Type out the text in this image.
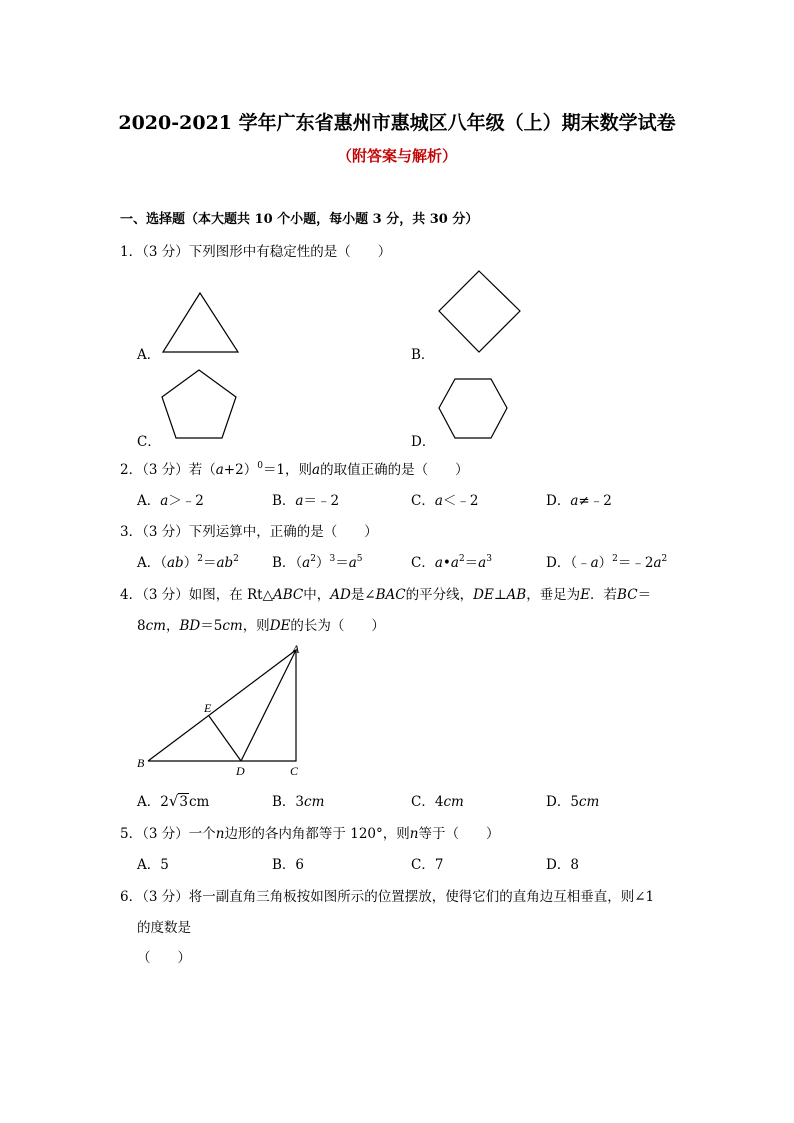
2020-2021 学年广东省惠州市惠城区八年级（上）期末数学试卷
（附答案与解析）
一、选择题（本大题共 10 个小题，每小题 3 分，共 30 分）
1．（3 分）下列图形中有稳定性的是（　　）
A．	B．
C．	D．
2．（3 分）若$(a+2)^0=1$，则a的取值正确的是（　　）
A．a＞﹣2	B．a＝﹣2	C．a＜﹣2	D．a≠﹣2
3．（3 分）下列运算中，正确的是（　　）
A．$(ab)^2=ab^2$ B．$(a^2)^3=a^5$	C．$a•a^2=a^3$	D．$(﹣a)^2=﹣2a^2$
4．（3 分）如图，在 Rt△ABC中，AD是∠BAC的平分线，DE⊥AB，垂足为E．若BC＝
8cm，BD＝5cm，则DE的长为（　　）
A
B
C
D
E
A．2√3cm	B．3cm	C．4cm	D．5cm
5．（3 分）一个n边形的各内角都等于 120°，则n等于（　　）
A．5	B．6	C．7	D．8
6．（3 分）将一副直角三角板按如图所示的位置摆放，使得它们的直角边互相垂直，则∠1
的度数是
（　　）
